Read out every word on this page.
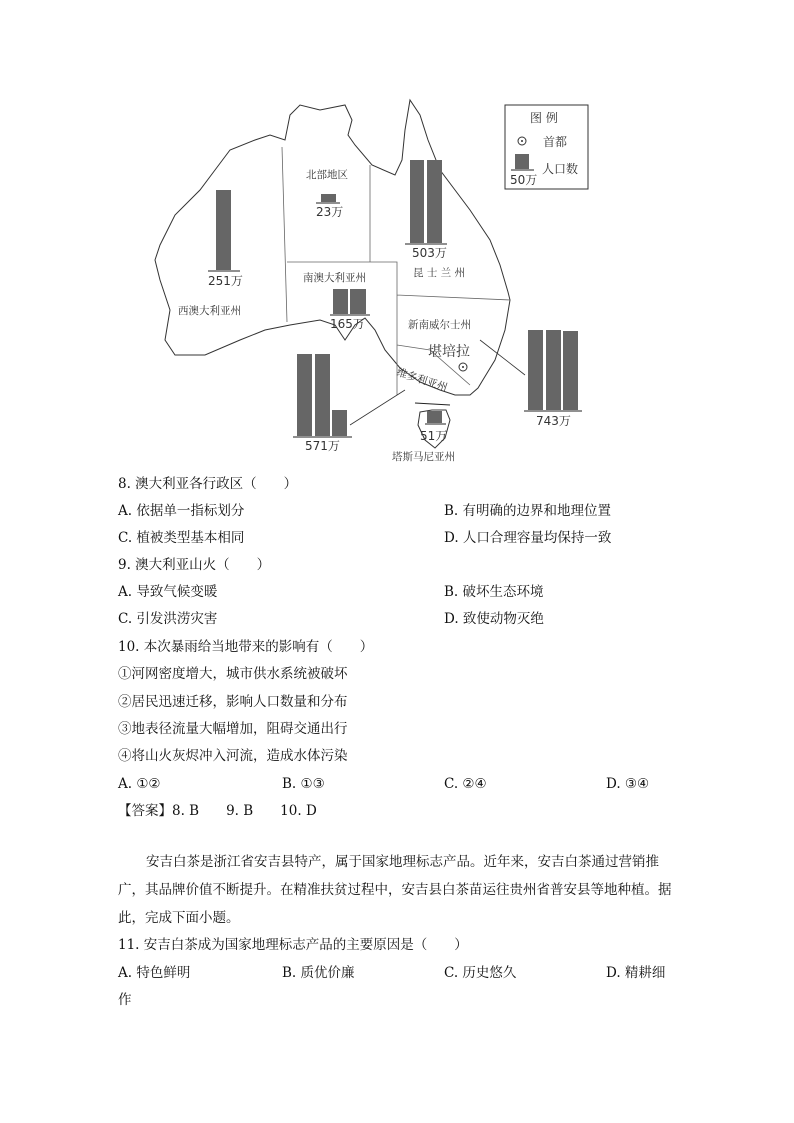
251万
23万
503万
165万
571万
51万
743万
西澳大利亚州
北部地区
昆 士 兰 州
南澳大利亚州
新南威尔士州
维多利亚州
塔斯马尼亚州
堪培拉
图 例
首都
人口数
50万
8. 澳大利亚各行政区（　　）
A. 依据单一指标划分	B. 有明确的边界和地理位置
C. 植被类型基本相同	D. 人口合理容量均保持一致
9. 澳大利亚山火（　　）
A. 导致气候变暖	B. 破坏生态环境
C. 引发洪涝灾害	D. 致使动物灭绝
10. 本次暴雨给当地带来的影响有（　　）
①河网密度增大，城市供水系统被破坏
②居民迅速迁移，影响人口数量和分布
③地表径流量大幅增加，阻碍交通出行
④将山火灰烬冲入河流，造成水体污染
A. ①②	B. ①③	C. ②④	D. ③④
【答案】8. B　　9. B　　10. D
安吉白茶是浙江省安吉县特产，属于国家地理标志产品。近年来，安吉白茶通过营销推广，其品牌价值不断提升。在精准扶贫过程中，安吉县白茶苗运往贵州省普安县等地种植。据此，完成下面小题。
11. 安吉白茶成为国家地理标志产品的主要原因是（　　）
A. 特色鲜明	B. 质优价廉	C. 历史悠久	D. 精耕细
作
